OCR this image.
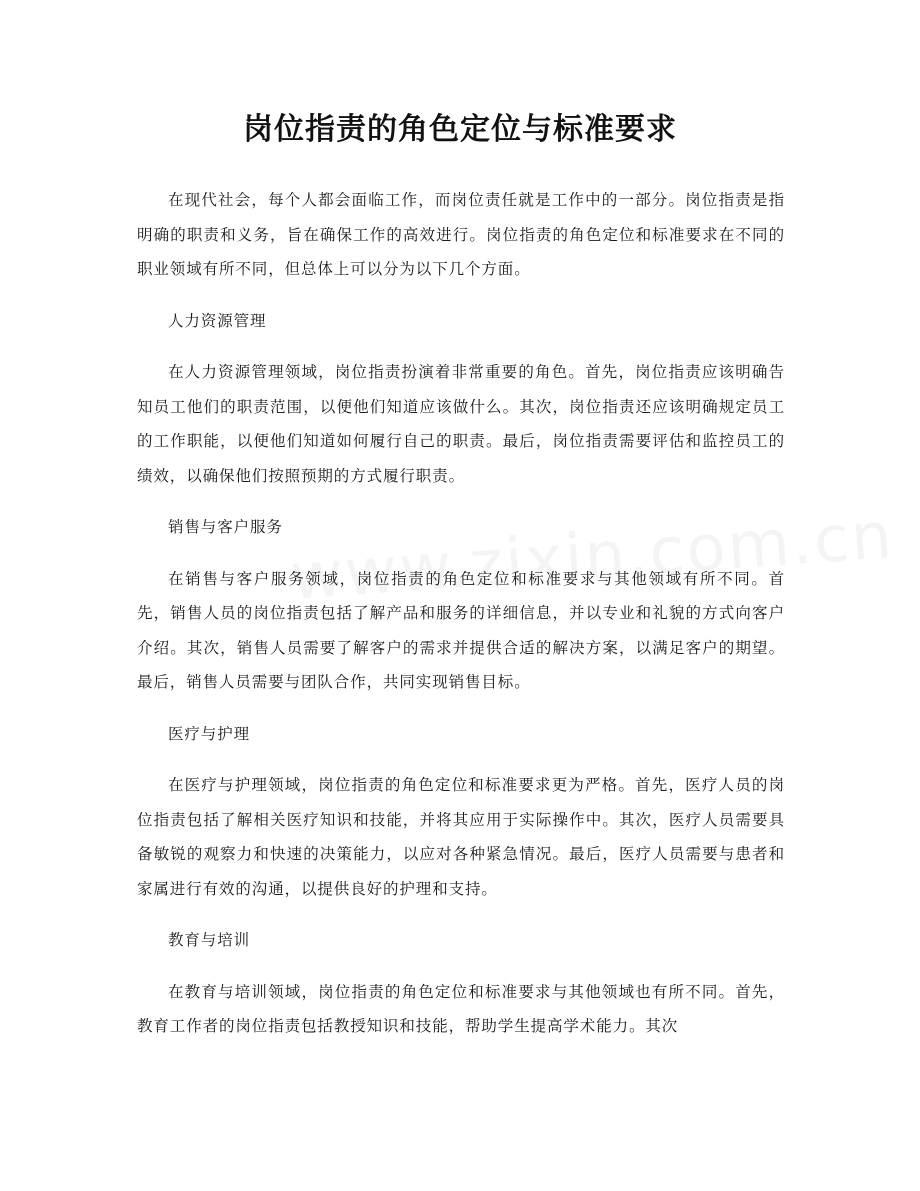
岗位指责的角色定位与标准要求

在现代社会，每个人都会面临工作，而岗位责任就是工作中的一部分。岗位指责是指明确的职责和义务，旨在确保工作的高效进行。岗位指责的角色定位和标准要求在不同的职业领域有所不同，但总体上可以分为以下几个方面。

人力资源管理

在人力资源管理领域，岗位指责扮演着非常重要的角色。首先，岗位指责应该明确告知员工他们的职责范围，以便他们知道应该做什么。其次，岗位指责还应该明确规定员工的工作职能，以便他们知道如何履行自己的职责。最后，岗位指责需要评估和监控员工的绩效，以确保他们按照预期的方式履行职责。

销售与客户服务

在销售与客户服务领域，岗位指责的角色定位和标准要求与其他领域有所不同。首先，销售人员的岗位指责包括了解产品和服务的详细信息，并以专业和礼貌的方式向客户介绍。其次，销售人员需要了解客户的需求并提供合适的解决方案，以满足客户的期望。最后，销售人员需要与团队合作，共同实现销售目标。

医疗与护理

在医疗与护理领域，岗位指责的角色定位和标准要求更为严格。首先，医疗人员的岗位指责包括了解相关医疗知识和技能，并将其应用于实际操作中。其次，医疗人员需要具备敏锐的观察力和快速的决策能力，以应对各种紧急情况。最后，医疗人员需要与患者和家属进行有效的沟通，以提供良好的护理和支持。

教育与培训

在教育与培训领域，岗位指责的角色定位和标准要求与其他领域也有所不同。首先，教育工作者的岗位指责包括教授知识和技能，帮助学生提高学术能力。其次
